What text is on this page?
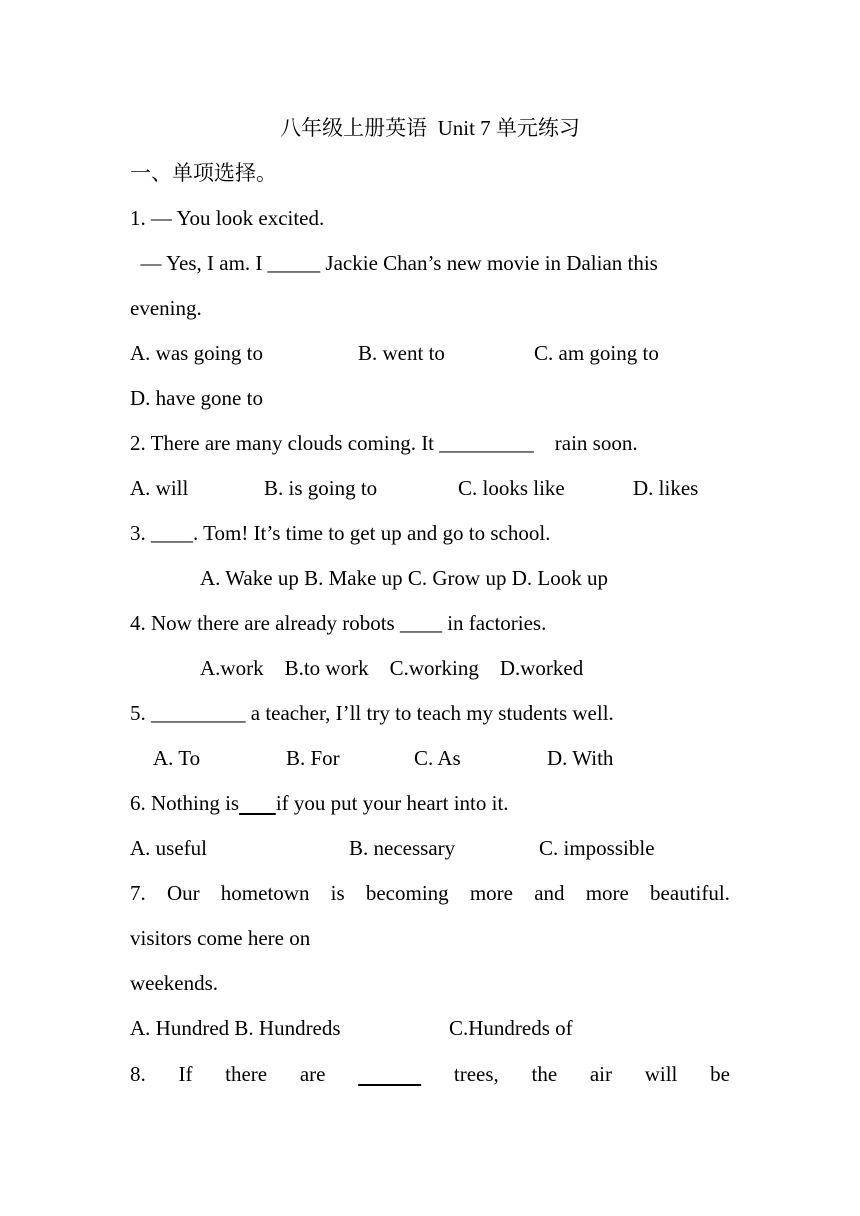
八年级上册英语  Unit 7 单元练习
一、单项选择。
1. — You look excited.
— Yes, I am. I _____ Jackie Chan’s new movie in Dalian this
evening.
A. was going to	B. went to	C. am going to
D. have gone to
2. There are many clouds coming. It _________    rain soon.
A. will	B. is going to	C. looks like	D. likes
3. ____. Tom! It’s time to get up and go to school.
A. Wake up B. Make up C. Grow up D. Look up
4. Now there are already robots ____ in factories.
A.work    B.to work    C.working    D.worked
5. _________ a teacher, I’ll try to teach my students well.
A. To	B. For	C. As	D. With
6. Nothing is if you put your heart into it.
A. useful	B. necessary	C. impossible
7. Our hometown is becoming more and more beautiful.
visitors come here on
weekends.
A. Hundred B. Hundreds	C.Hundreds of
8. If there are
	trees, the air will be
